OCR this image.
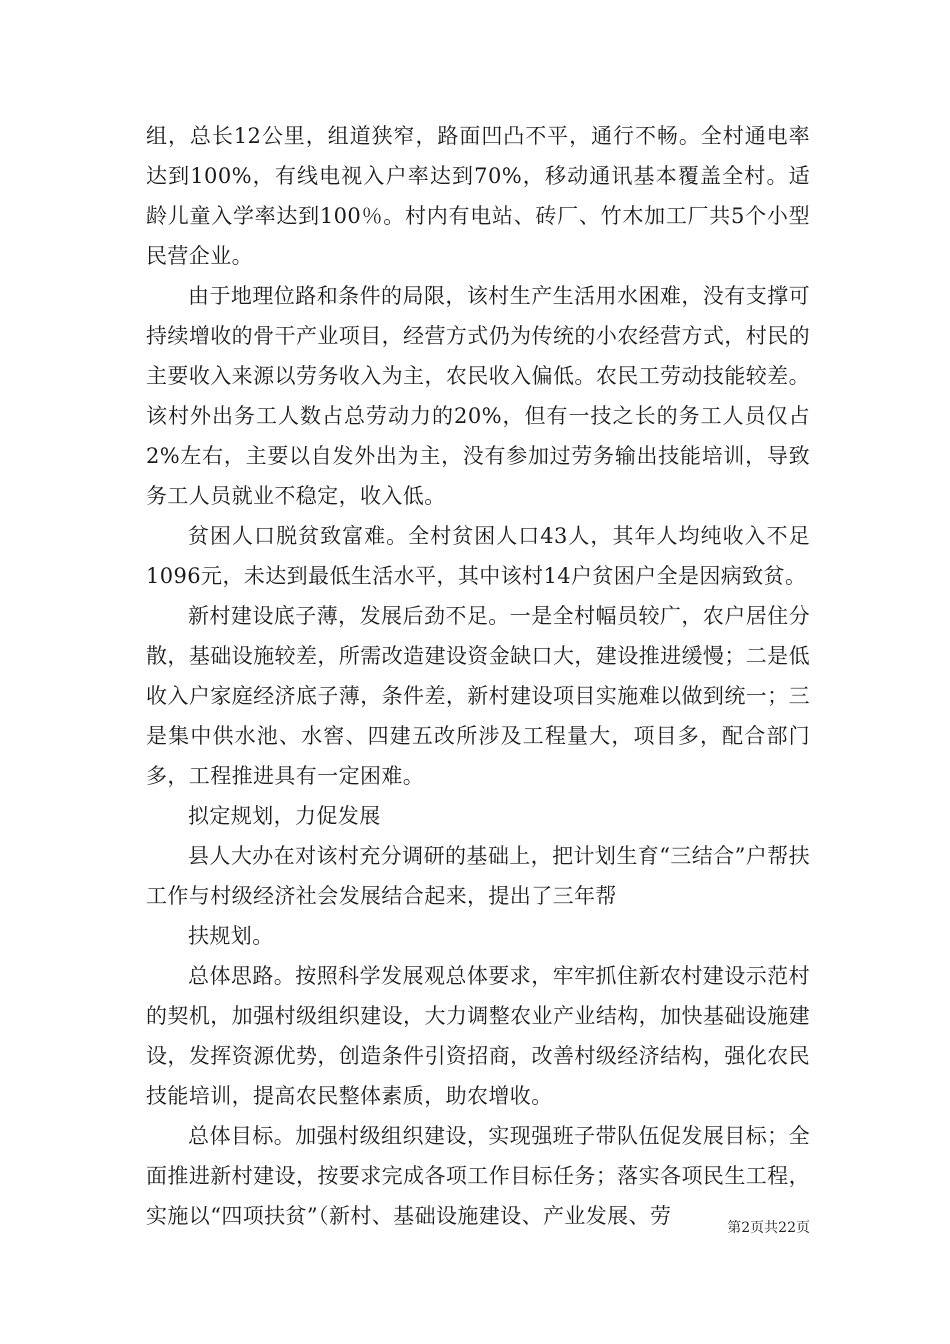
组，总长12公里，组道狭窄，路面凹凸不平，通行不畅。全村通电率达到100%，有线电视入户率达到70%，移动通讯基本覆盖全村。适龄儿童入学率达到100％。村内有电站、砖厂、竹木加工厂共5个小型民营企业。

由于地理位路和条件的局限，该村生产生活用水困难，没有支撑可持续增收的骨干产业项目，经营方式仍为传统的小农经营方式，村民的主要收入来源以劳务收入为主，农民收入偏低。农民工劳动技能较差。该村外出务工人数占总劳动力的20%，但有一技之长的务工人员仅占2%左右，主要以自发外出为主，没有参加过劳务输出技能培训，导致务工人员就业不稳定，收入低。

贫困人口脱贫致富难。全村贫困人口43人，其年人均纯收入不足1096元，未达到最低生活水平，其中该村14户贫困户全是因病致贫。

新村建设底子薄，发展后劲不足。一是全村幅员较广，农户居住分散，基础设施较差，所需改造建设资金缺口大，建设推进缓慢；二是低收入户家庭经济底子薄，条件差，新村建设项目实施难以做到统一；三是集中供水池、水窖、四建五改所涉及工程量大，项目多，配合部门多，工程推进具有一定困难。

拟定规划，力促发展

县人大办在对该村充分调研的基础上，把计划生育“三结合”户帮扶工作与村级经济社会发展结合起来，提出了三年帮

扶规划。

总体思路。按照科学发展观总体要求，牢牢抓住新农村建设示范村的契机，加强村级组织建设，大力调整农业产业结构，加快基础设施建设，发挥资源优势，创造条件引资招商，改善村级经济结构，强化农民技能培训，提高农民整体素质，助农增收。

总体目标。加强村级组织建设，实现强班子带队伍促发展目标；全面推进新村建设，按要求完成各项工作目标任务；落实各项民生工程，实施以“四项扶贫”（新村、基础设施建设、产业发展、劳	第2页共22页
